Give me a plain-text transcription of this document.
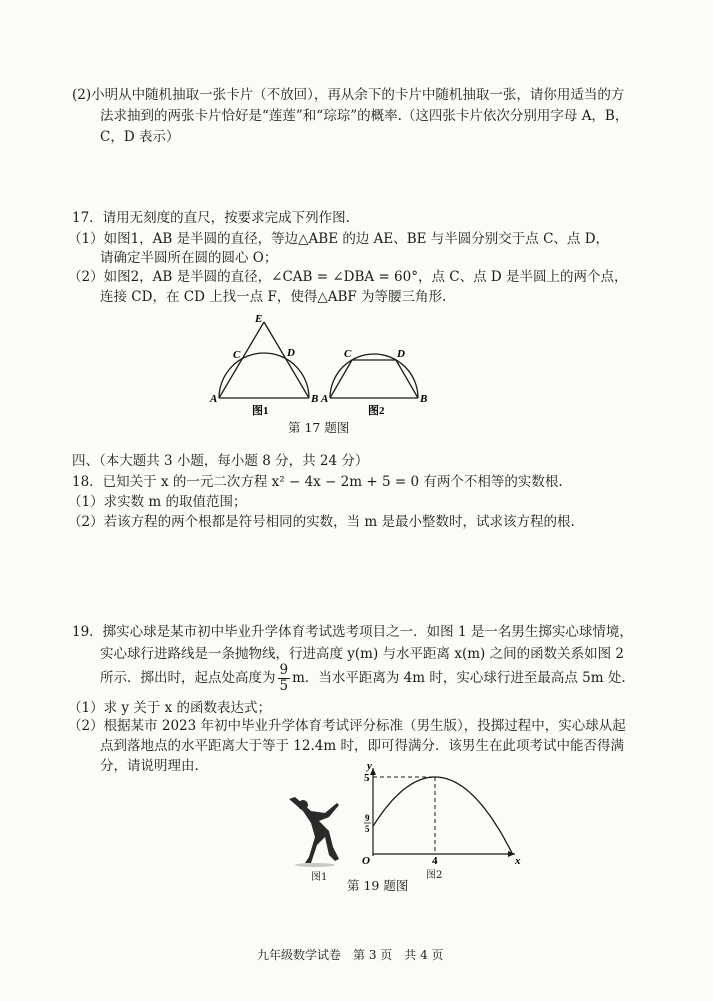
(2)小明从中随机抽取一张卡片（不放回），再从余下的卡片中随机抽取一张，请你用适当的方
法求抽到的两张卡片恰好是“莲莲”和“琮琮”的概率.（这四张卡片依次分别用字母 A，B，
C，D 表示）
17．请用无刻度的直尺，按要求完成下列作图.
（1）如图1，AB 是半圆的直径，等边△ABE 的边 AE、BE 与半圆分别交于点 C、点 D，
请确定半圆所在圆的圆心 O；
（2）如图2，AB 是半圆的直径，∠CAB = ∠DBA = 60°，点 C、点 D 是半圆上的两个点，
连接 CD，在 CD 上找一点 F，使得△ABF 为等腰三角形.
E
C	D
A	B
图1
C	D
A	B
图2
第 17 题图
四、（本大题共 3 小题，每小题 8 分，共 24 分）
18．已知关于 x 的一元二次方程 x² − 4x − 2m + 5 = 0 有两个不相等的实数根.
（1）求实数 m 的取值范围；
（2）若该方程的两个根都是符号相同的实数，当 m 是最小整数时，试求该方程的根.
19．掷实心球是某市初中毕业升学体育考试选考项目之一．如图 1 是一名男生掷实心球情境，
实心球行进路线是一条抛物线，行进高度 y(m) 与水平距离 x(m) 之间的函数关系如图 2
所示．掷出时，起点处高度为 $\frac{9}{5}$ m．当水平距离为 4m 时，实心球行进至最高点 5m 处.
（1）求 y 关于 x 的函数表达式；
（2）根据某市 2023 年初中毕业升学体育考试评分标准（男生版），投掷过程中，实心球从起
点到落地点的水平距离大于等于 12.4m 时，即可得满分．该男生在此项考试中能否得满
分，请说明理由.
图1
y
x
O
5
9
5
4
图2
第 19 题图
九年级数学试卷　第 3 页　共 4 页
